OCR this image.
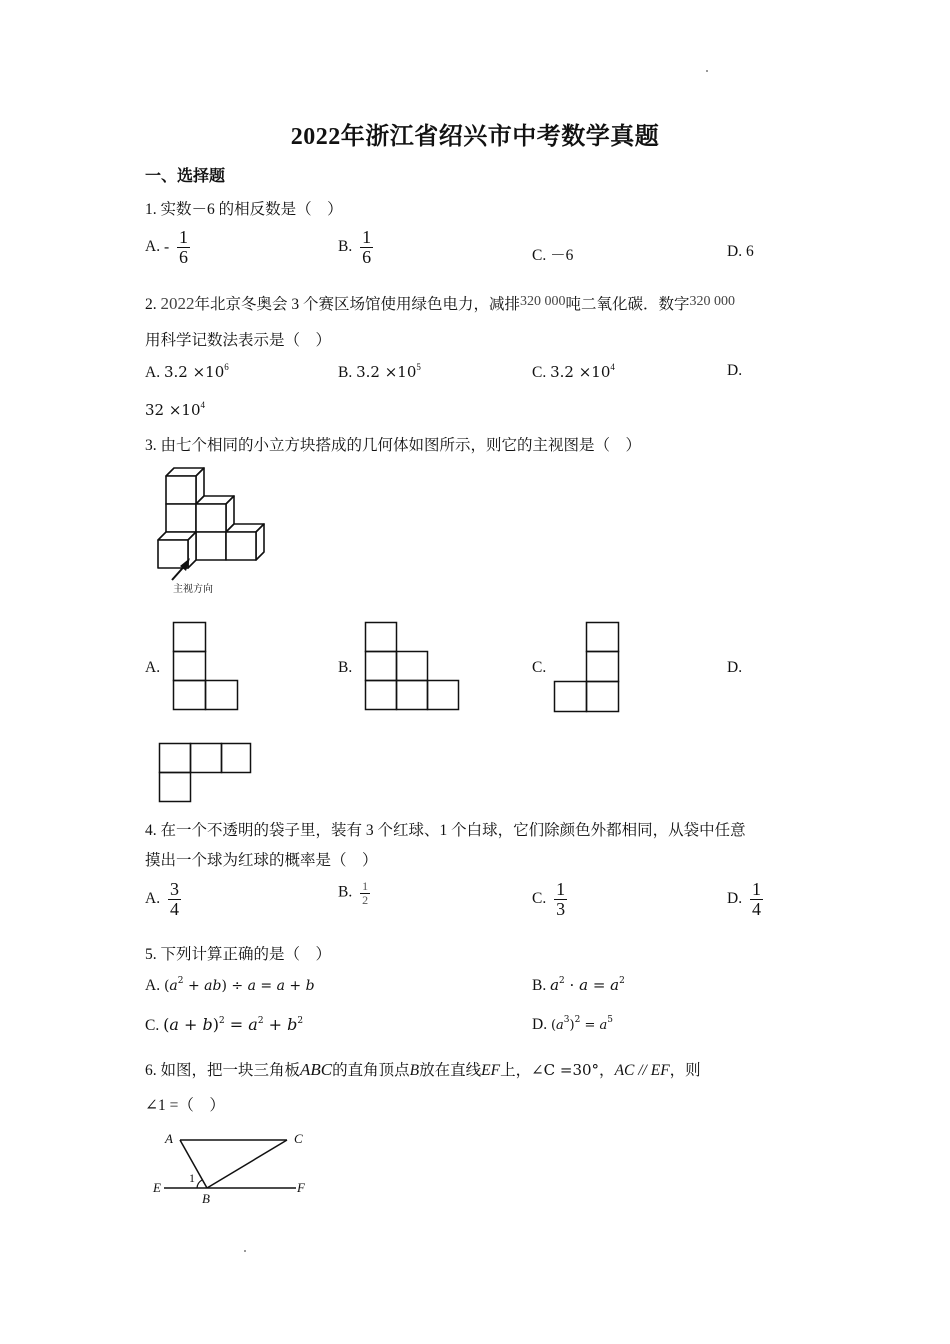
2022年浙江省绍兴市中考数学真题
一、选择题
1. 实数－6 的相反数是（　）
A. - $\frac{1}{6}$	B. $\frac{1}{6}$	C. －6	D. 6
2. 2022年北京冬奥会 3 个赛区场馆使用绿色电力，减排320 000吨二氧化碳．数字320 000
用科学记数法表示是（　）
A. $3.2 \times 10^6$	B. $3.2 \times 10^5$	C. $3.2 \times 10^4$	D.
$32 \times 10^4$
3. 由七个相同的小立方块搭成的几何体如图所示，则它的主视图是（　）
主视方向
A.	B.	C.	D.
4. 在一个不透明的袋子里，装有 3 个红球、1 个白球，它们除颜色外都相同，从袋中任意
摸出一个球为红球的概率是（　）
A. $\frac{3}{4}$	B. $\frac{1}{2}$	C. $\frac{1}{3}$	D. $\frac{1}{4}$
5. 下列计算正确的是（　）
A. $(a^2 + ab) \div a = a + b$	B. $a^2 \cdot a = a^2$
C. $(a + b)^2 = a^2 + b^2$	D. $(a^3)^2 = a^5$
6. 如图，把一块三角板ABC的直角顶点B放在直线EF上，∠C =30°，AC // EF，则
∠1 =（　）
A	C
E
B
F
1
